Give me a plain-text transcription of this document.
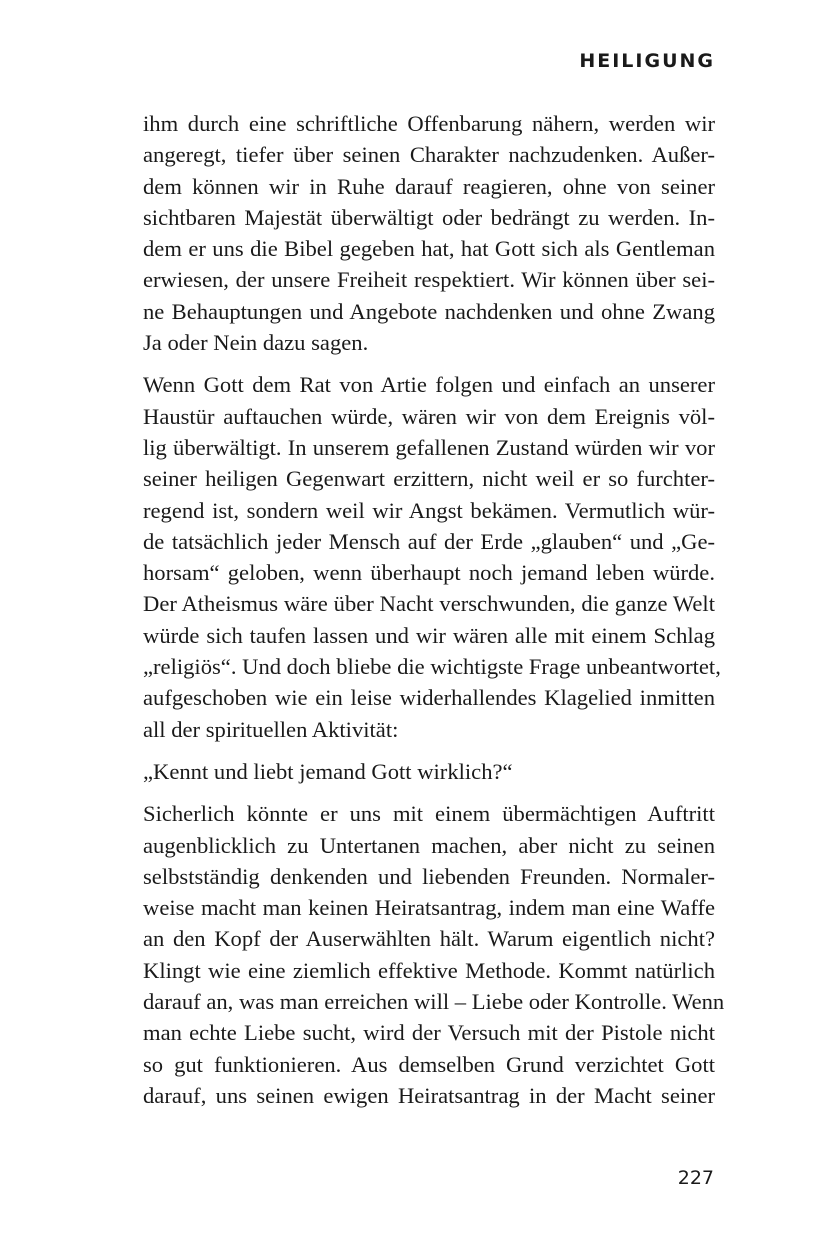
HEILIGUNG
ihm durch eine schriftliche Offenbarung nähern, werden wir
angeregt, tiefer über seinen Charakter nachzudenken. Außer-
dem können wir in Ruhe darauf reagieren, ohne von seiner
sichtbaren Majestät überwältigt oder bedrängt zu werden. In-
dem er uns die Bibel gegeben hat, hat Gott sich als Gentleman
erwiesen, der unsere Freiheit respektiert. Wir können über sei-
ne Behauptungen und Angebote nachdenken und ohne Zwang
Ja oder Nein dazu sagen.
Wenn Gott dem Rat von Artie folgen und einfach an unserer
Haustür auftauchen würde, wären wir von dem Ereignis völ-
lig überwältigt. In unserem gefallenen Zustand würden wir vor
seiner heiligen Gegenwart erzittern, nicht weil er so furchter-
regend ist, sondern weil wir Angst bekämen. Vermutlich wür-
de tatsächlich jeder Mensch auf der Erde „glauben“ und „Ge-
horsam“ geloben, wenn überhaupt noch jemand leben würde.
Der Atheismus wäre über Nacht verschwunden, die ganze Welt
würde sich taufen lassen und wir wären alle mit einem Schlag
„religiös“. Und doch bliebe die wichtigste Frage unbeantwortet,
aufgeschoben wie ein leise widerhallendes Klagelied inmitten
all der spirituellen Aktivität:
„Kennt und liebt jemand Gott wirklich?“
Sicherlich könnte er uns mit einem übermächtigen Auftritt
augenblicklich zu Untertanen machen, aber nicht zu seinen
selbstständig denkenden und liebenden Freunden. Normaler-
weise macht man keinen Heiratsantrag, indem man eine Waffe
an den Kopf der Auserwählten hält. Warum eigentlich nicht?
Klingt wie eine ziemlich effektive Methode. Kommt natürlich
darauf an, was man erreichen will – Liebe oder Kontrolle. Wenn
man echte Liebe sucht, wird der Versuch mit der Pistole nicht
so gut funktionieren. Aus demselben Grund verzichtet Gott
darauf, uns seinen ewigen Heiratsantrag in der Macht seiner
227
